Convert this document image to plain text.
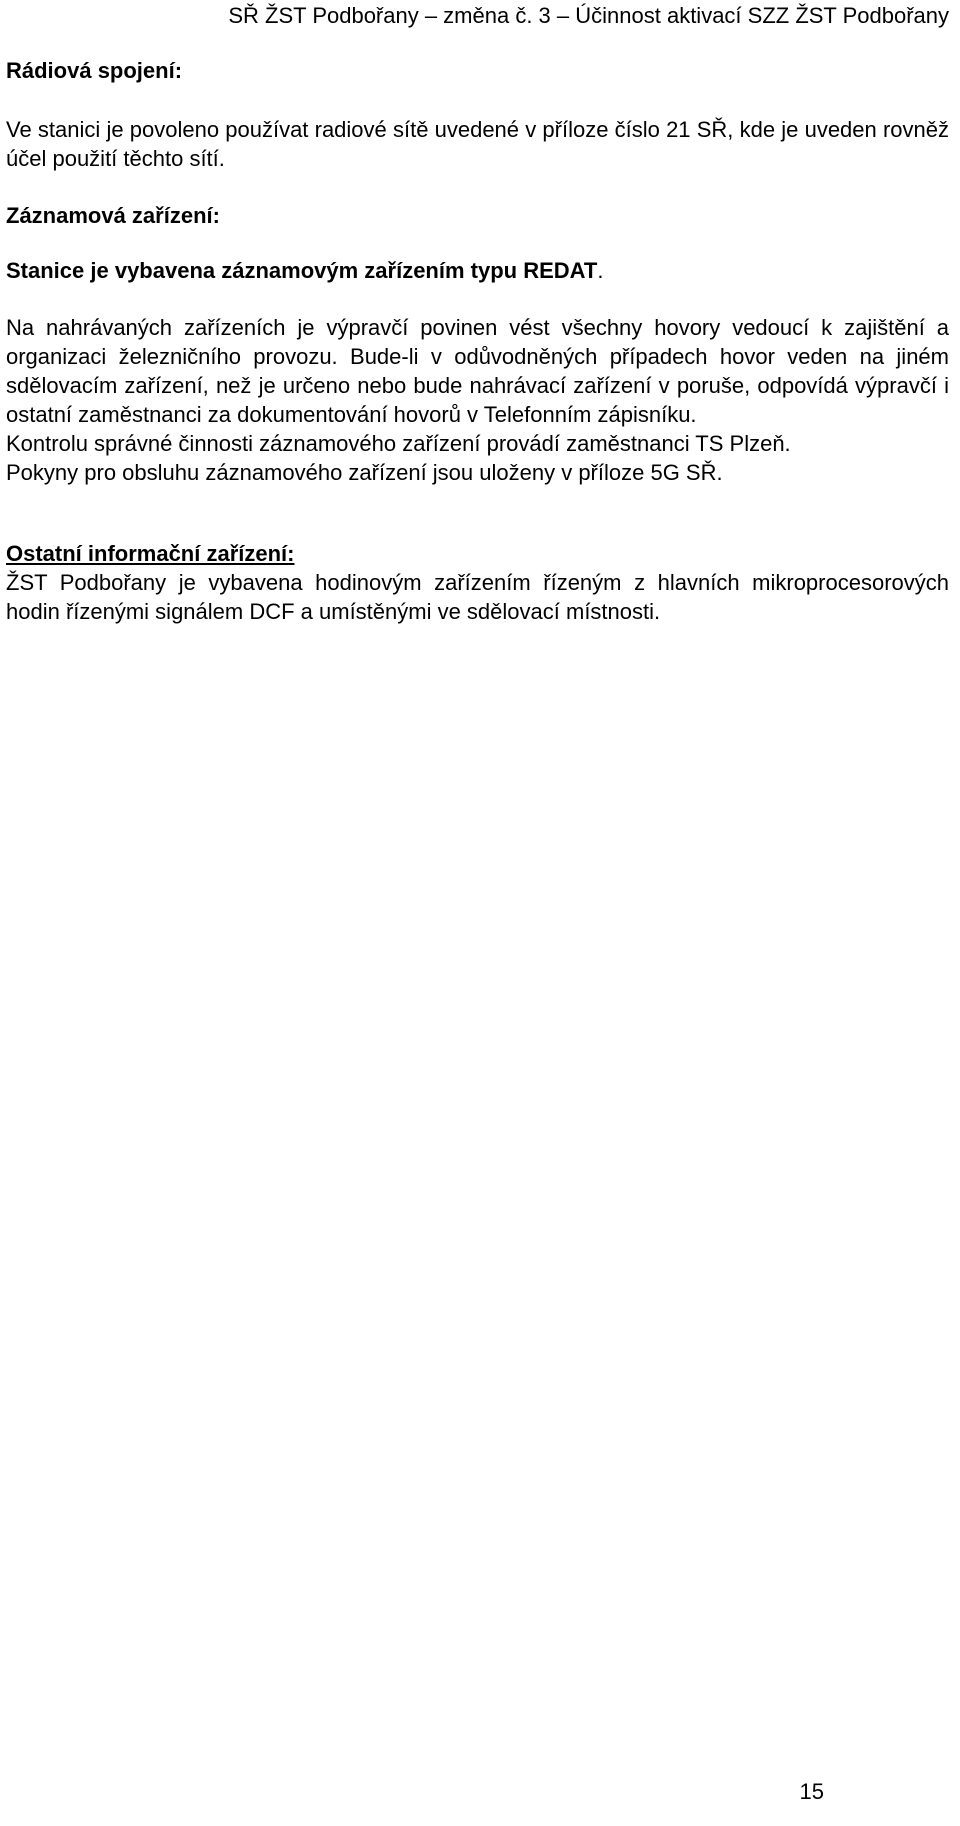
SŘ ŽST Podbořany – změna č. 3 – Účinnost aktivací SZZ ŽST Podbořany

Rádiová spojení:

Ve stanici je povoleno používat radiové sítě uvedené v příloze číslo 21 SŘ, kde je uveden rovněž účel použití těchto sítí.

Záznamová zařízení:

Stanice je vybavena záznamovým zařízením typu REDAT.

Na nahrávaných zařízeních je výpravčí povinen vést všechny hovory vedoucí k zajištění a organizaci železničního provozu. Bude-li v odůvodněných případech hovor veden na jiném sdělovacím zařízení, než je určeno nebo bude nahrávací zařízení v poruše, odpovídá výpravčí i ostatní zaměstnanci za dokumentování hovorů v Telefonním zápisníku.

Kontrolu správné činnosti záznamového zařízení provádí zaměstnanci TS Plzeň.

Pokyny pro obsluhu záznamového zařízení jsou uloženy v příloze 5G SŘ.

Ostatní informační zařízení:

ŽST Podbořany je vybavena hodinovým zařízením řízeným z hlavních mikroprocesorových hodin řízenými signálem DCF a umístěnými ve sdělovací místnosti.

15
